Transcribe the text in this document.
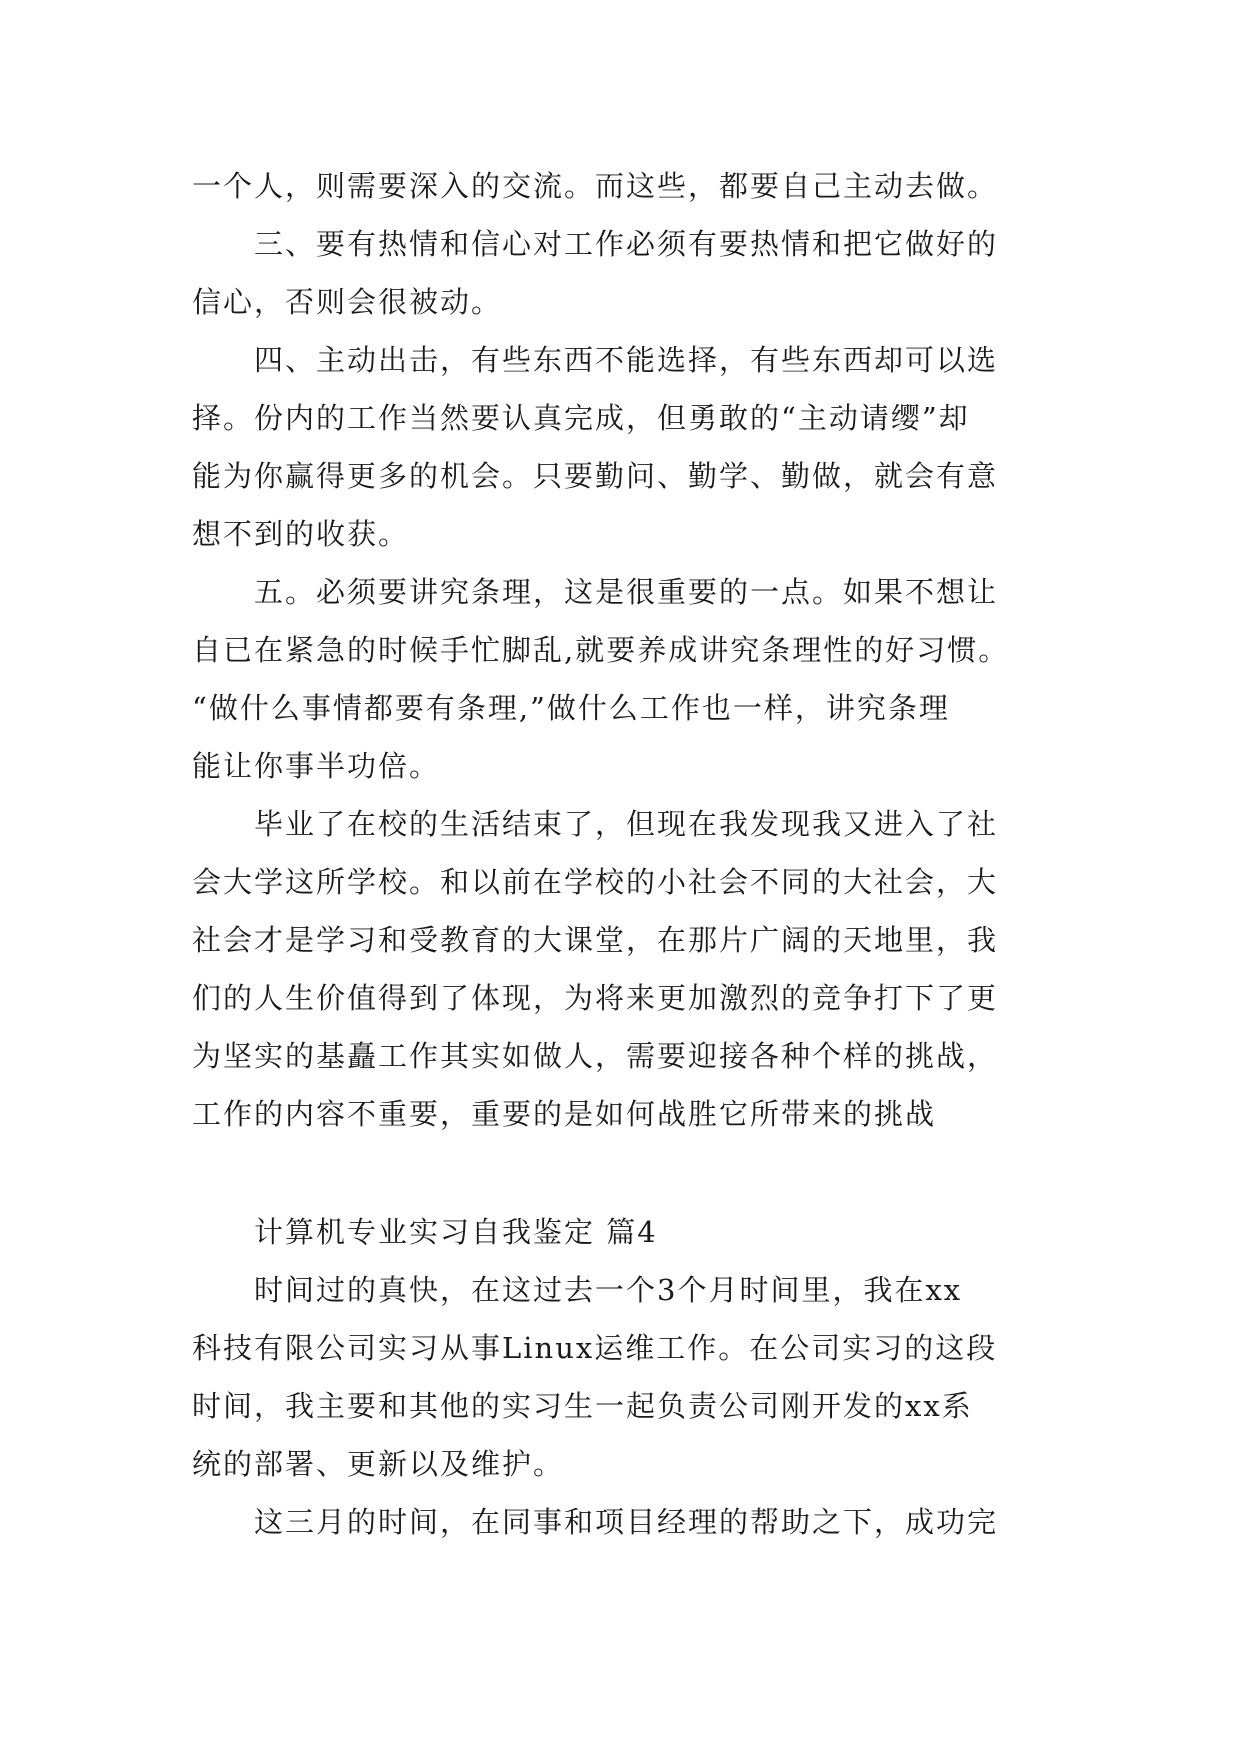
一个人，则需要深入的交流。而这些，都要自己主动去做。
三、要有热情和信心对工作必须有要热情和把它做好的
信心，否则会很被动。
四、主动出击，有些东西不能选择，有些东西却可以选
择。份内的工作当然要认真完成，但勇敢的“主动请缨”却
能为你赢得更多的机会。只要勤问、勤学、勤做，就会有意
想不到的收获。
五。必须要讲究条理，这是很重要的一点。如果不想让
自已在紧急的时候手忙脚乱,就要养成讲究条理性的好习惯。
“做什么事情都要有条理,”做什么工作也一样，讲究条理
能让你事半功倍。
毕业了在校的生活结束了，但现在我发现我又进入了社
会大学这所学校。和以前在学校的小社会不同的大社会，大
社会才是学习和受教育的大课堂，在那片广阔的天地里，我
们的人生价值得到了体现，为将来更加激烈的竞争打下了更
为坚实的基矗工作其实如做人，需要迎接各种个样的挑战，
工作的内容不重要，重要的是如何战胜它所带来的挑战
计算机专业实习自我鉴定 篇4
时间过的真快，在这过去一个3个月时间里，我在xx
科技有限公司实习从事Linux运维工作。在公司实习的这段
时间，我主要和其他的实习生一起负责公司刚开发的xx系
统的部署、更新以及维护。
这三月的时间，在同事和项目经理的帮助之下，成功完
